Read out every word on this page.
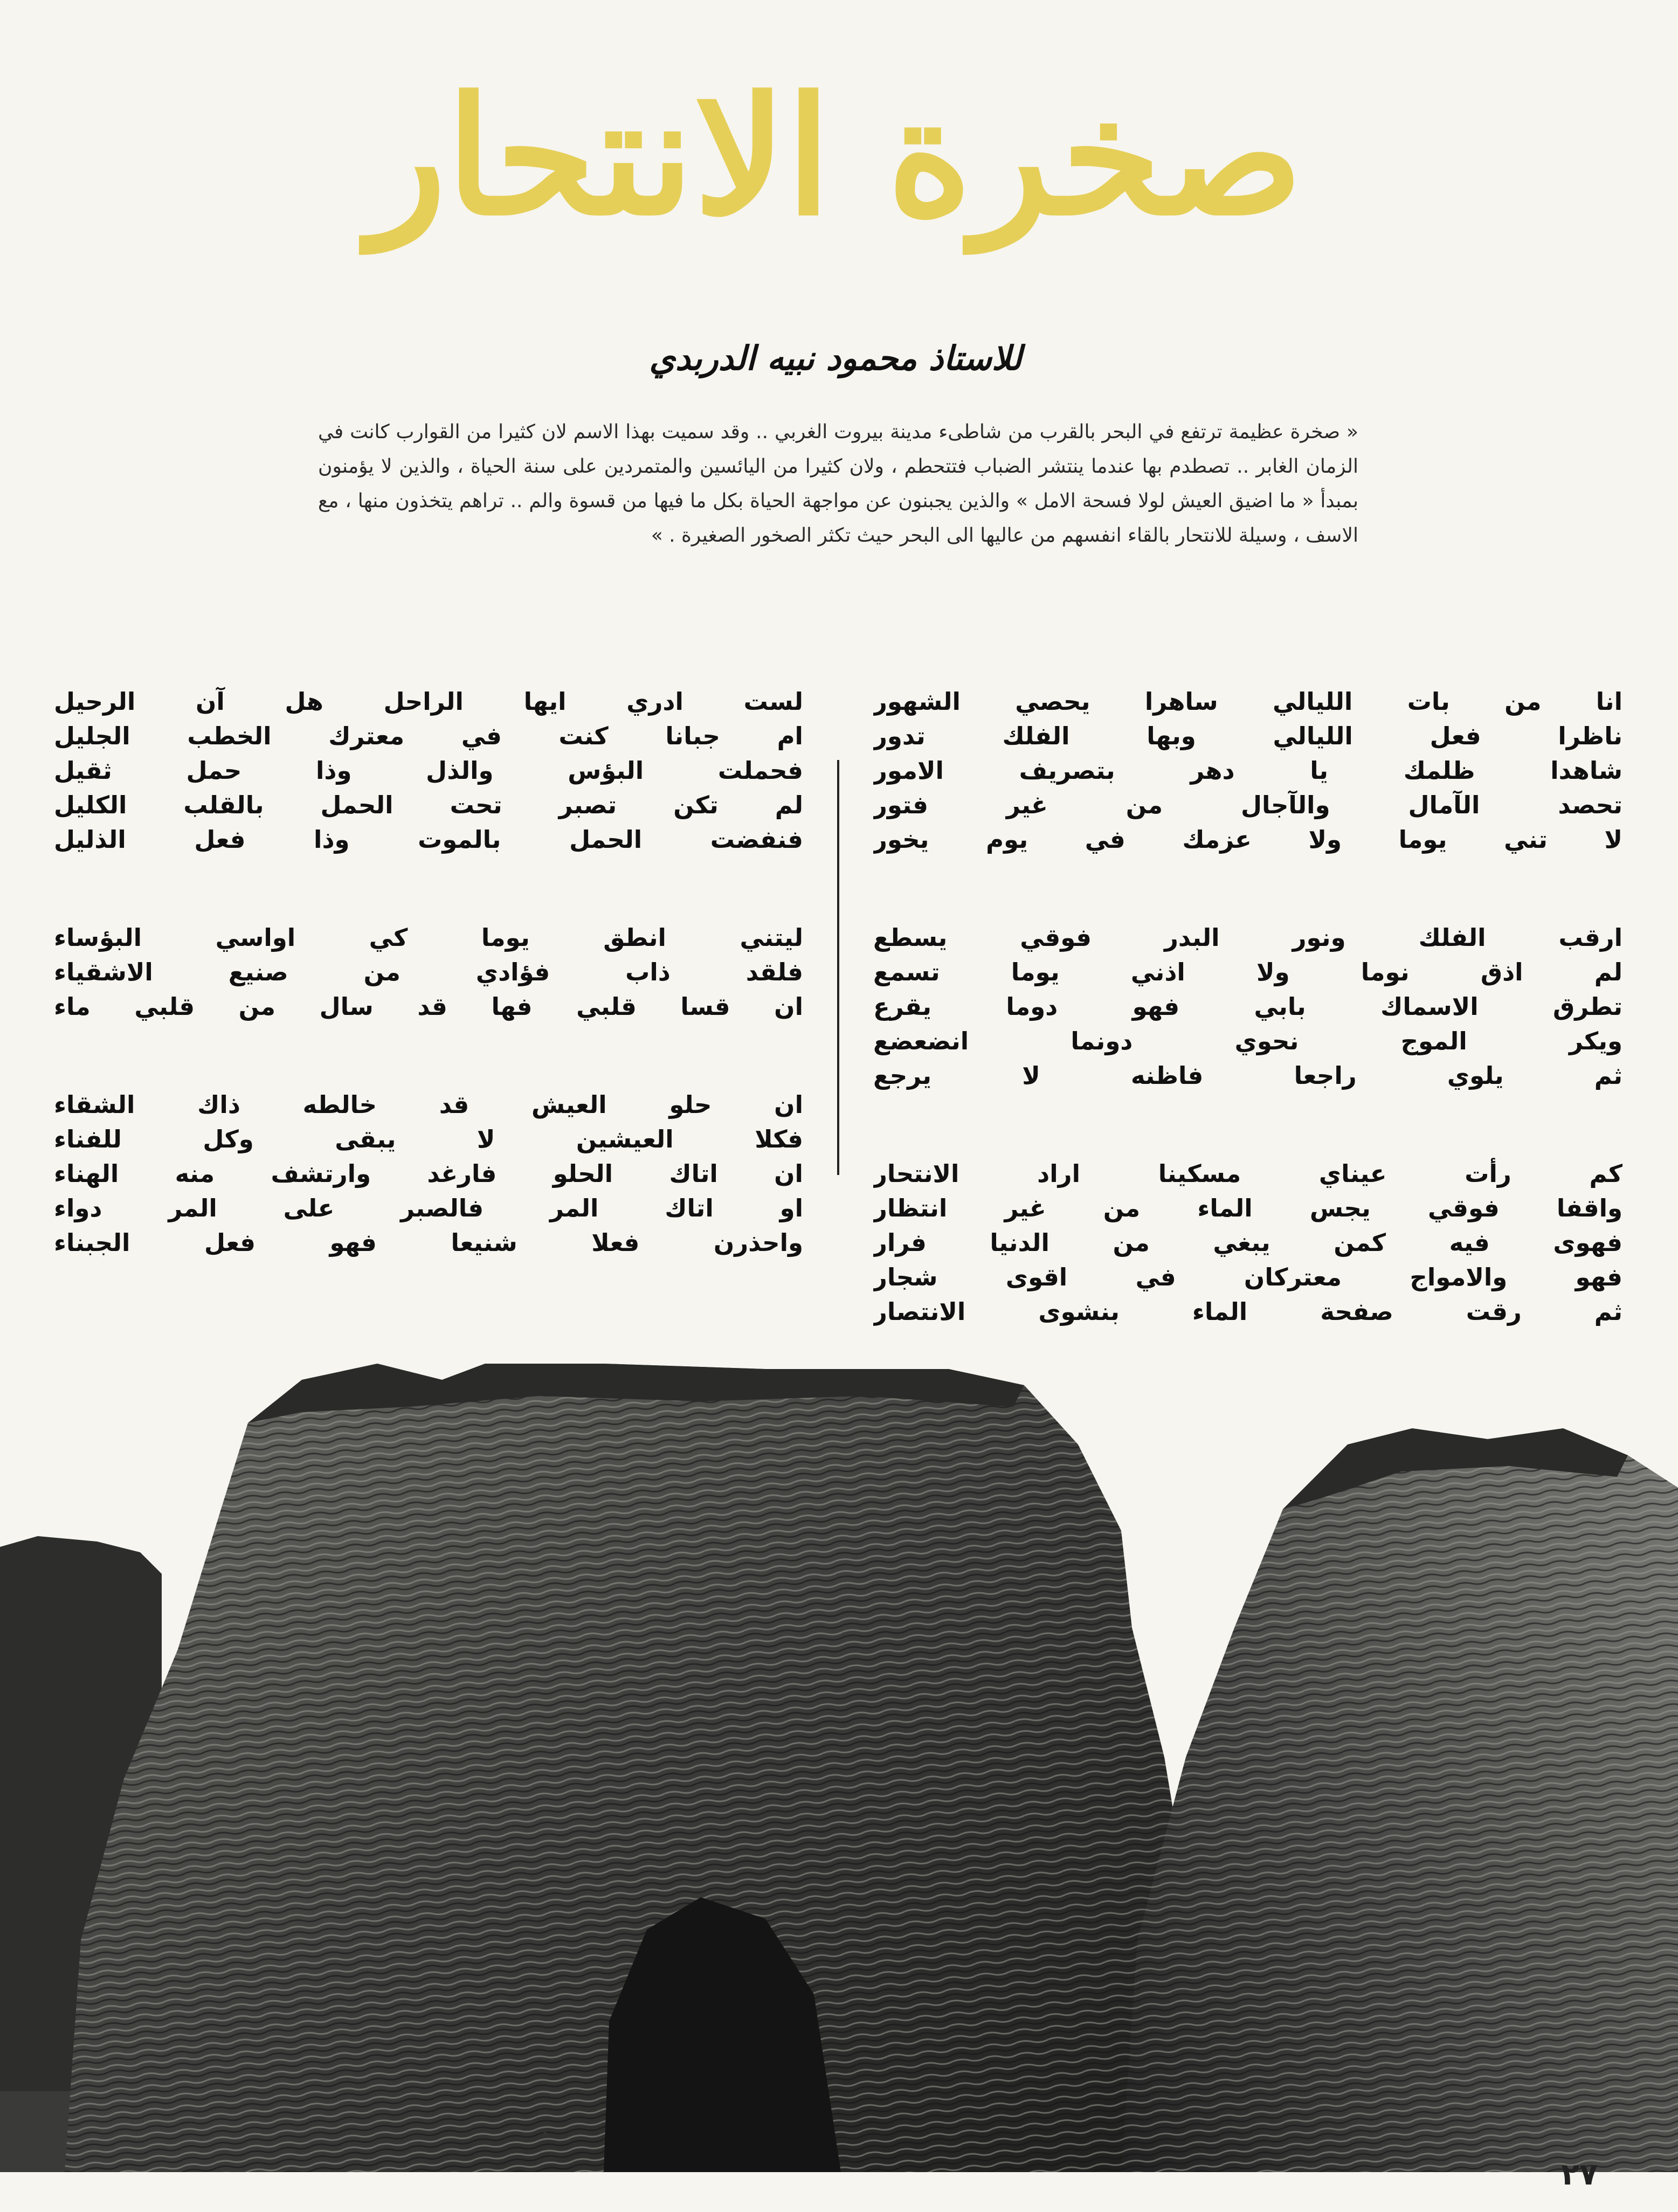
صخرة الانتحار
للاستاذ محمود نبيه الدربدي
« صخرة عظيمة ترتفع في البحر بالقرب من شاطىء مدينة بيروت الغربي .. وقد سميت بهذا الاسم لان كثيرا من القوارب كانت في الزمان الغابر .. تصطدم بها عندما ينتشر الضباب فتتحطم ، ولان كثيرا من اليائسين والمتمردين على سنة الحياة ، والذين لا يؤمنون بمبدأ « ما اضيق العيش لولا فسحة الامل » والذين يجبنون عن مواجهة الحياة بكل ما فيها من قسوة والم .. تراهم يتخذون منها ، مع الاسف ، وسيلة للانتحار بالقاء انفسهم من عاليها الى البحر حيث تكثر الصخور الصغيرة . »
انا من بات الليالي ساهرا يحصي الشهور
ناظرا فعل الليالي وبها الفلك تدور
شاهدا ظلمك يا دهر بتصريف الامور
تحصد الآمال والآجال من غير فتور
لا تني يوما ولا عزمك في يوم يخور
ارقب الفلك ونور البدر فوقي يسطع
لم اذق نوما ولا اذني يوما تسمع
تطرق الاسماك بابي فهو دوما يقرع
ويكر الموج نحوي دونما انضعضع
ثم يلوي راجعا فاظنه لا يرجع
كم رأت عيناي مسكينا اراد الانتحار
واقفا فوقي يجس الماء من غير انتظار
فهوى فيه كمن يبغي من الدنيا فرار
فهو والامواج معتركان في اقوى شجار
ثم رقت صفحة الماء بنشوى الانتصار
لست ادري ايها الراحل هل آن الرحيل
ام جبانا كنت في معترك الخطب الجليل
فحملت البؤس والذل وذا حمل ثقيل
لم تكن تصبر تحت الحمل بالقلب الكليل
فنفضت الحمل بالموت وذا فعل الذليل
ليتني انطق يوما كي اواسي البؤساء
فلقد ذاب فؤادي من صنيع الاشقياء
ان قسا قلبي فها قد سال من قلبي ماء
ان حلو العيش قد خالطه ذاك الشقاء
فكلا العيشين لا يبقى وكل للفناء
ان اتاك الحلو فارغد وارتشف منه الهناء
او اتاك المر فالصبر على المر دواء
واحذرن فعلا شنيعا فهو فعل الجبناء
٢٧
